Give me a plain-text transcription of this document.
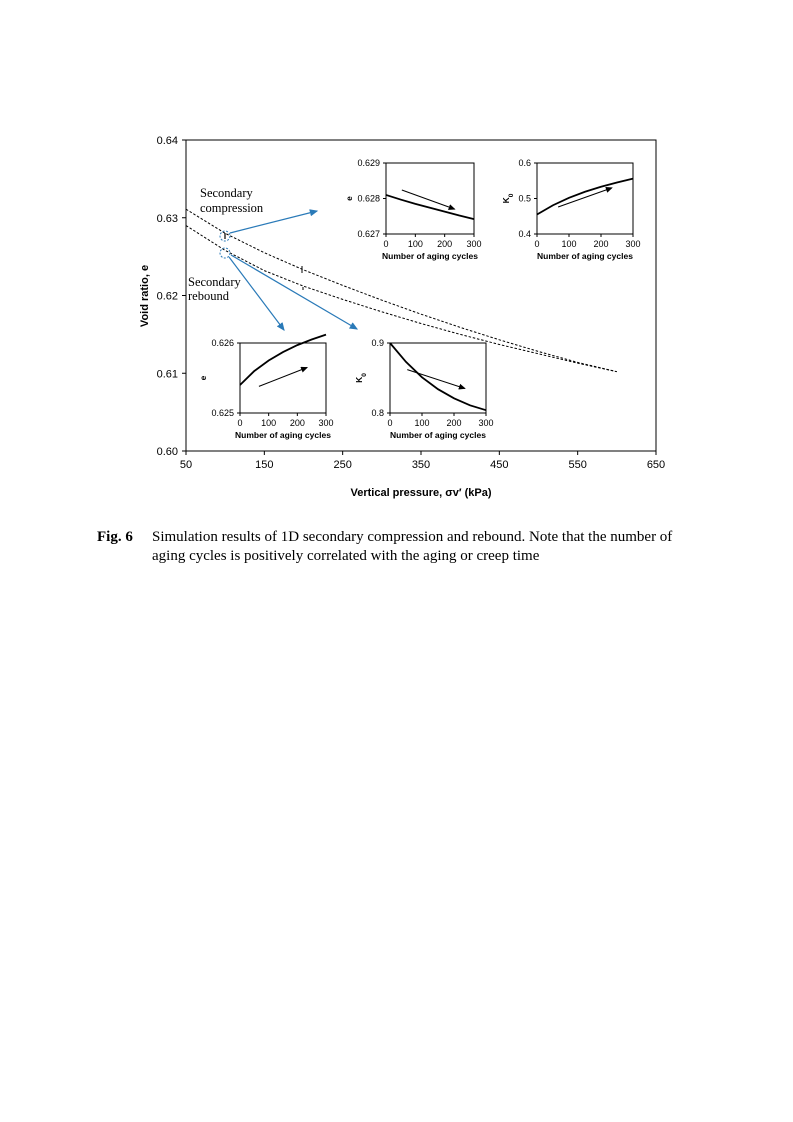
50	150	250	350	450	550	650
0.60
0.61
0.62
0.63
0.64
Vertical pressure, σv′ (kPa)
Void ratio, e
Secondary
compression
Secondary
rebound
0 100 200 300
0.627
0.628
0.629
Number of aging cycles
e
0 100 200 300
0.4
0.5
0.6
Number of aging cycles
$K_0$
0 100 200 300
0.625
0.626
Number of aging cycles
e
0 100 200 300
0.8
0.9
Number of aging cycles
$K_0$
Fig. 6 Simulation results of 1D secondary compression and rebound. Note that the number of aging cycles is positively correlated with the aging or creep time
